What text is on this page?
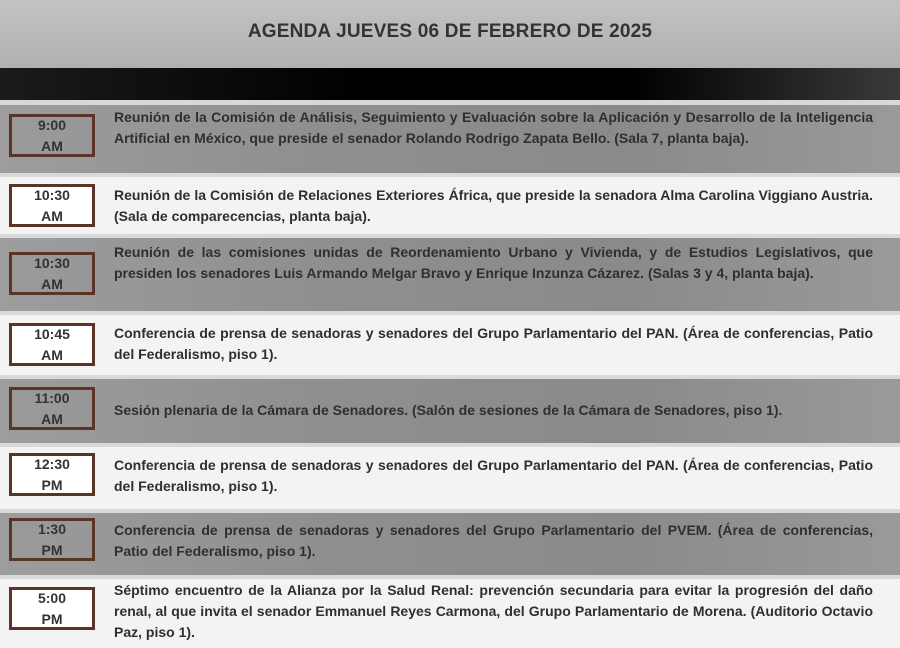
AGENDA JUEVES 06 DE FEBRERO DE 2025
9:00
AM
Reunión de la Comisión de Análisis, Seguimiento y Evaluación sobre la Aplicación y Desarrollo de la Inteligencia Artificial en México, que preside el senador Rolando Rodrigo Zapata Bello. (Sala 7, planta baja).
10:30
AM
Reunión de la Comisión de Relaciones Exteriores África, que preside la senadora Alma Carolina Viggiano Austria. (Sala de comparecencias, planta baja).
10:30
AM
Reunión de las comisiones unidas de Reordenamiento Urbano y Vivienda, y de Estudios Legislativos, que presiden los senadores Luis Armando Melgar Bravo y Enrique Inzunza Cázarez. (Salas 3 y 4, planta baja).
10:45
AM
Conferencia de prensa de senadoras y senadores del Grupo Parlamentario del PAN. (Área de conferencias, Patio del Federalismo, piso 1).
11:00
AM
Sesión plenaria de la Cámara de Senadores. (Salón de sesiones de la Cámara de Senadores, piso 1).
12:30
PM
Conferencia de prensa de senadoras y senadores del Grupo Parlamentario del PAN. (Área de conferencias, Patio del Federalismo, piso 1).
1:30
PM
Conferencia de prensa de senadoras y senadores del Grupo Parlamentario del PVEM. (Área de conferencias, Patio del Federalismo, piso 1).
5:00
PM
Séptimo encuentro de la Alianza por la Salud Renal: prevención secundaria para evitar la progresión del daño renal, al que invita el senador Emmanuel Reyes Carmona, del Grupo Parlamentario de Morena. (Auditorio Octavio Paz, piso 1).
